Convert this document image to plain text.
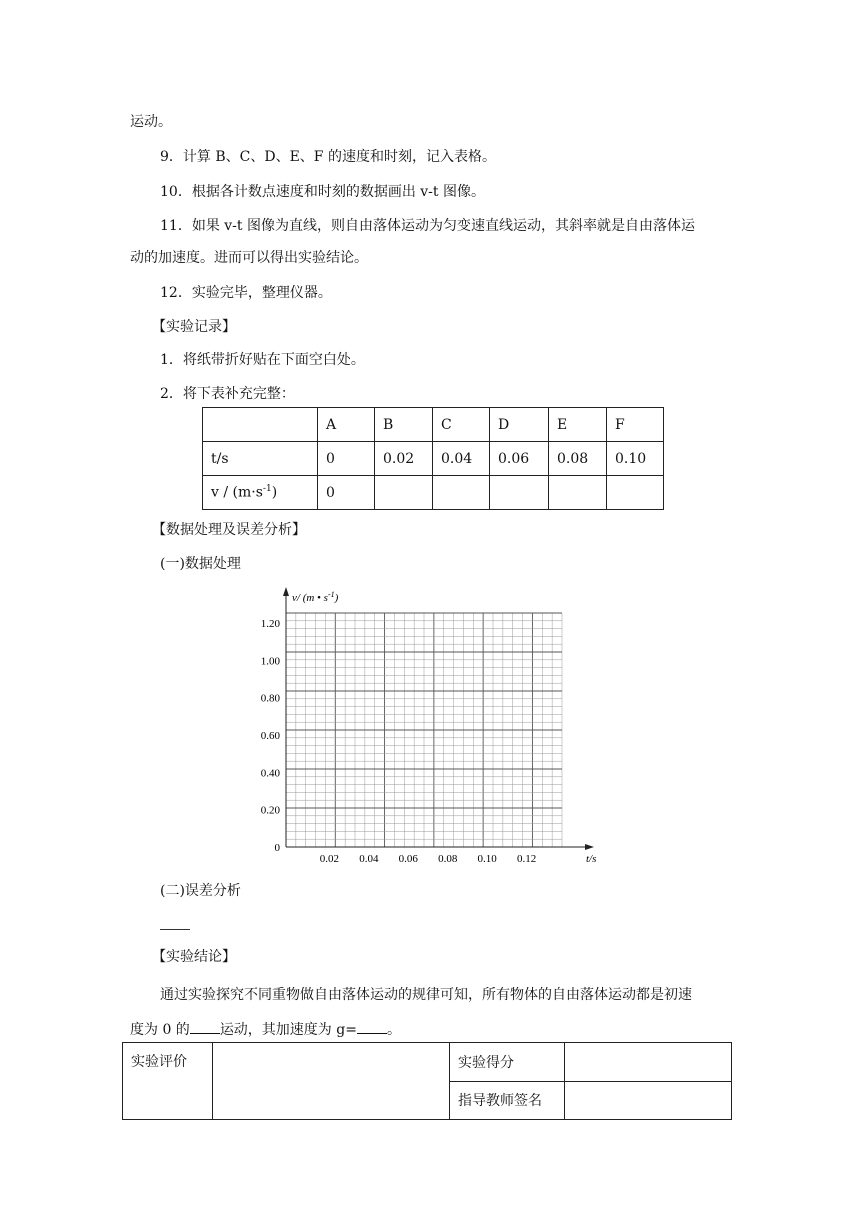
运动。
9．计算 B、C、D、E、F 的速度和时刻，记入表格。
10．根据各计数点速度和时刻的数据画出 v-t 图像。
11．如果 v-t 图像为直线，则自由落体运动为匀变速直线运动，其斜率就是自由落体运
动的加速度。进而可以得出实验结论。
12．实验完毕，整理仪器。
【实验记录】
1．将纸带折好贴在下面空白处。
2．将下表补充完整：
	A	B	C	D	E	F
t/s	0	0.02	0.04	0.06	0.08	0.10
$v / (m\cdot s^{-1})$	0					
【数据处理及误差分析】
(一)数据处理
v/ (m • $s^{-1}$)
t/s
0
0.20
0.40
0.60
0.80
1.00
1.20
0.02 0.04 0.06 0.08 0.10 0.12
(二)误差分析
【实验结论】
通过实验探究不同重物做自由落体运动的规律可知，所有物体的自由落体运动都是初速
度为 0 的 运动，其加速度为 g= 。
实验评价		实验得分	
		指导教师签名	
